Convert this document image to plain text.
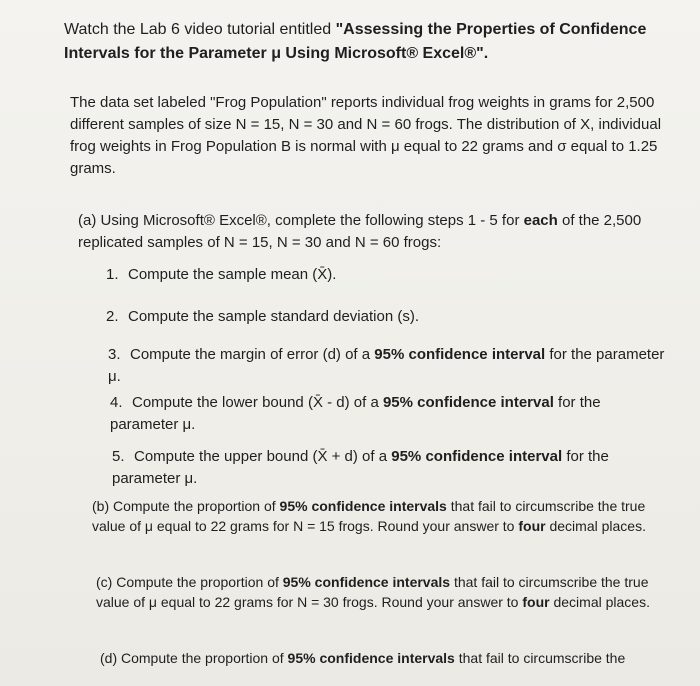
Watch the Lab 6 video tutorial entitled "Assessing the Properties of Confidence Intervals for the Parameter μ Using Microsoft® Excel®".
The data set labeled "Frog Population" reports individual frog weights in grams for 2,500 different samples of size N = 15, N = 30 and N = 60 frogs. The distribution of X, individual frog weights in Frog Population B is normal with μ equal to 22 grams and σ equal to 1.25 grams.
(a) Using Microsoft® Excel®, complete the following steps 1 - 5 for each of the 2,500 replicated samples of N = 15, N = 30 and N = 60 frogs:
1. Compute the sample mean (X̄).
2. Compute the sample standard deviation (s).
3. Compute the margin of error (d) of a 95% confidence interval for the parameter μ.
4. Compute the lower bound (X̄ - d) of a 95% confidence interval for the parameter μ.
5. Compute the upper bound (X̄ + d) of a 95% confidence interval for the parameter μ.
(b) Compute the proportion of 95% confidence intervals that fail to circumscribe the true value of μ equal to 22 grams for N = 15 frogs. Round your answer to four decimal places.
(c) Compute the proportion of 95% confidence intervals that fail to circumscribe the true value of μ equal to 22 grams for N = 30 frogs. Round your answer to four decimal places.
(d) Compute the proportion of 95% confidence intervals that fail to circumscribe the
